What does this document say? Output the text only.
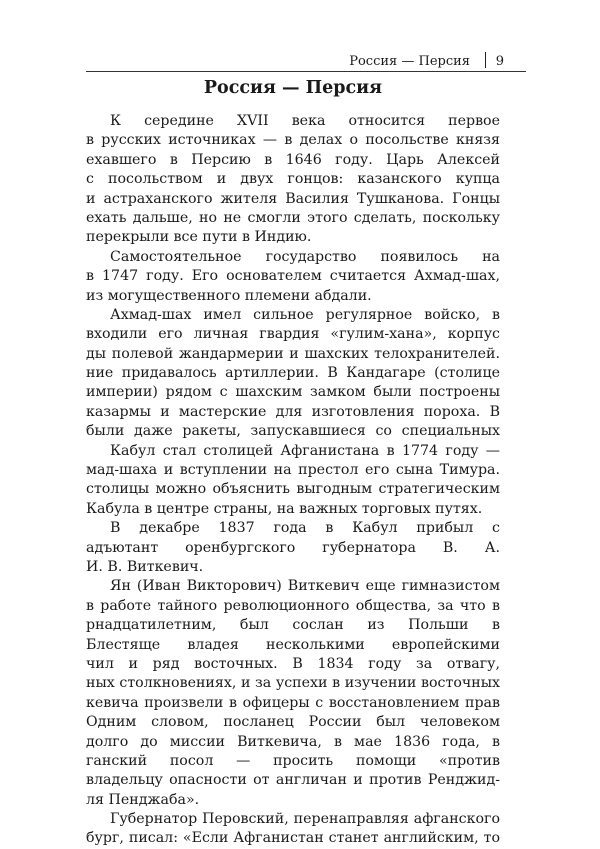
Россия — Персия 9
Россия — Персия
К середине XVII века относится первое
в русских источниках — в делах о посольстве князя
ехавшего в Персию в 1646 году. Царь Алексей
с посольством и двух гонцов: казанского купца
и астраханского жителя Василия Тушканова. Гонцы
ехать дальше, но не смогли этого сделать, поскольку
перекрыли все пути в Индию.
Самостоятельное государство появилось на
в 1747 году. Его основателем считается Ахмад-шах,
из могущественного племени абдали.
Ахмад-шах имел сильное регулярное войско, в
входили его личная гвардия «гулим-хана», корпус
ды полевой жандармерии и шахских телохранителей.
ние придавалось артиллерии. В Кандагаре (столице
империи) рядом с шахским замком были построены
казармы и мастерские для изготовления пороха. В
были даже ракеты, запускавшиеся со специальных
Кабул стал столицей Афганистана в 1774 году —
мад-шаха и вступлении на престол его сына Тимура.
столицы можно объяснить выгодным стратегическим
Кабула в центре страны, на важных торговых путях.
В декабре 1837 года в Кабул прибыл с
адъютант оренбургского губернатора В. А.
И. В. Виткевич.
Ян (Иван Викторович) Виткевич еще гимназистом
в работе тайного революционного общества, за что в
рнадцатилетним, был сослан из Польши в
Блестяще владея несколькими европейскими
чил и ряд восточных. В 1834 году за отвагу,
ных столкновениях, и за успехи в изучении восточных
кевича произвели в офицеры с восстановлением прав
Одним словом, посланец России был человеком
долго до миссии Виткевича, в мае 1836 года, в
ганский посол — просить помощи «против
владельцу опасности от англичан и против Ренджид-
ля Пенджаба».
Губернатор Перовский, перенаправляя афганского
бург, писал: «Если Афганистан станет английским, то
